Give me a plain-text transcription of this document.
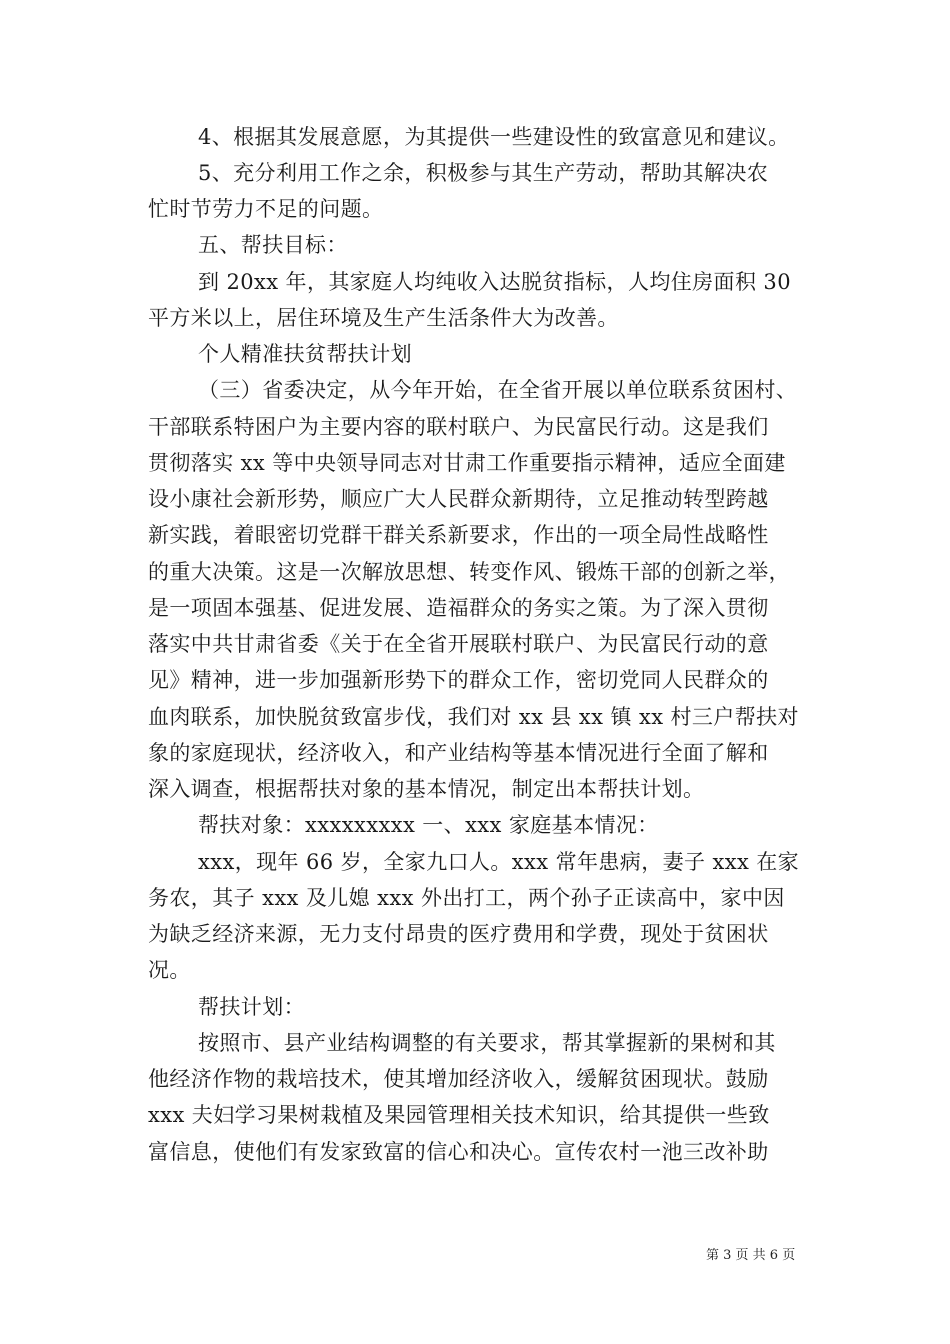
4、根据其发展意愿，为其提供一些建设性的致富意见和建议。
5、充分利用工作之余，积极参与其生产劳动，帮助其解决农
忙时节劳力不足的问题。
五、帮扶目标：
到 20xx 年，其家庭人均纯收入达脱贫指标，人均住房面积 30
平方米以上，居住环境及生产生活条件大为改善。
个人精准扶贫帮扶计划
（三）省委决定，从今年开始，在全省开展以单位联系贫困村、
干部联系特困户为主要内容的联村联户、为民富民行动。这是我们
贯彻落实 xx 等中央领导同志对甘肃工作重要指示精神，适应全面建
设小康社会新形势，顺应广大人民群众新期待，立足推动转型跨越
新实践，着眼密切党群干群关系新要求，作出的一项全局性战略性
的重大决策。这是一次解放思想、转变作风、锻炼干部的创新之举，
是一项固本强基、促进发展、造福群众的务实之策。为了深入贯彻
落实中共甘肃省委《关于在全省开展联村联户、为民富民行动的意
见》精神，进一步加强新形势下的群众工作，密切党同人民群众的
血肉联系，加快脱贫致富步伐，我们对 xx 县 xx 镇 xx 村三户帮扶对
象的家庭现状，经济收入，和产业结构等基本情况进行全面了解和
深入调查，根据帮扶对象的基本情况，制定出本帮扶计划。
帮扶对象：xxxxxxxxx 一、xxx 家庭基本情况：
xxx，现年 66 岁，全家九口人。xxx 常年患病，妻子 xxx 在家
务农，其子 xxx 及儿媳 xxx 外出打工，两个孙子正读高中，家中因
为缺乏经济来源，无力支付昂贵的医疗费用和学费，现处于贫困状
况。
帮扶计划：
按照市、县产业结构调整的有关要求，帮其掌握新的果树和其
他经济作物的栽培技术，使其增加经济收入，缓解贫困现状。鼓励
xxx 夫妇学习果树栽植及果园管理相关技术知识，给其提供一些致
富信息，使他们有发家致富的信心和决心。宣传农村一池三改补助
第 3 页 共 6 页
